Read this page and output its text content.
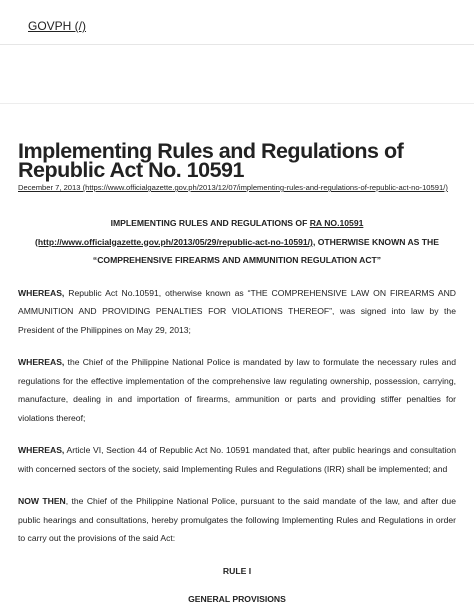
GOVPH (/)
Implementing Rules and Regulations of Republic Act No. 10591
December 7, 2013 (https://www.officialgazette.gov.ph/2013/12/07/implementing-rules-and-regulations-of-republic-act-no-10591/)
IMPLEMENTING RULES AND REGULATIONS OF RA NO.10591
(http://www.officialgazette.gov.ph/2013/05/29/republic-act-no-10591/), OTHERWISE KNOWN AS THE
“COMPREHENSIVE FIREARMS AND AMMUNITION REGULATION ACT”

WHEREAS, Republic Act No.10591, otherwise known as “THE COMPREHENSIVE LAW ON FIREARMS AND AMMUNITION AND PROVIDING PENALTIES FOR VIOLATIONS THEREOF”, was signed into law by the President of the Philippines on May 29, 2013;

WHEREAS, the Chief of the Philippine National Police is mandated by law to formulate the necessary rules and regulations for the effective implementation of the comprehensive law regulating ownership, possession, carrying, manufacture, dealing in and importation of firearms, ammunition or parts and providing stiffer penalties for violations thereof;

WHEREAS, Article VI, Section 44 of Republic Act No. 10591 mandated that, after public hearings and consultation with concerned sectors of the society, said Implementing Rules and Regulations (IRR) shall be implemented; and

NOW THEN, the Chief of the Philippine National Police, pursuant to the said mandate of the law, and after due public hearings and consultations, hereby promulgates the following Implementing Rules and Regulations in order to carry out the provisions of the said Act:

RULE I
GENERAL PROVISIONS
